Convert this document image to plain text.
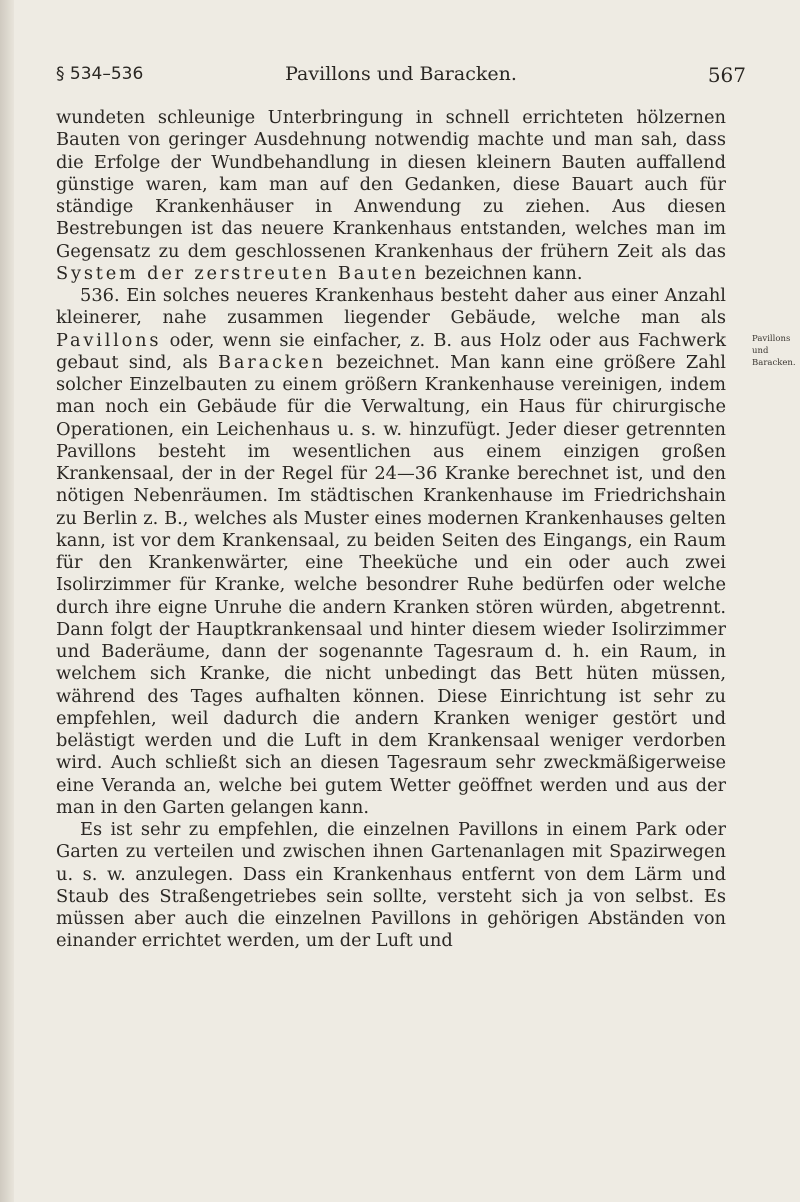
§ 534–536	Pavillons und Baracken.	567
Pavillons
und
Baracken.

wundeten schleunige Unterbringung in schnell errichteten hölzernen Bauten von geringer Ausdehnung notwendig machte und man sah, dass die Erfolge der Wundbehandlung in diesen kleinern Bauten auffallend günstige waren, kam man auf den Gedanken, diese Bauart auch für ständige Krankenhäuser in Anwendung zu ziehen. Aus diesen Bestrebungen ist das neuere Krankenhaus entstanden, welches man im Gegensatz zu dem geschlossenen Krankenhaus der frühern Zeit als das System der zerstreuten Bauten bezeichnen kann.

536. Ein solches neueres Krankenhaus besteht daher aus einer Anzahl kleinerer, nahe zusammen liegender Gebäude, welche man als Pavillons oder, wenn sie einfacher, z. B. aus Holz oder aus Fachwerk gebaut sind, als Baracken bezeichnet. Man kann eine größere Zahl solcher Einzelbauten zu einem größern Krankenhause vereinigen, indem man noch ein Gebäude für die Verwaltung, ein Haus für chirurgische Operationen, ein Leichenhaus u. s. w. hinzufügt. Jeder dieser getrennten Pavillons besteht im wesentlichen aus einem einzigen großen Krankensaal, der in der Regel für 24—36 Kranke berechnet ist, und den nötigen Nebenräumen. Im städtischen Krankenhause im Friedrichshain zu Berlin z. B., welches als Muster eines modernen Krankenhauses gelten kann, ist vor dem Krankensaal, zu beiden Seiten des Eingangs, ein Raum für den Krankenwärter, eine Theeküche und ein oder auch zwei Isolirzimmer für Kranke, welche besondrer Ruhe bedürfen oder welche durch ihre eigne Unruhe die andern Kranken stören würden, abgetrennt. Dann folgt der Hauptkrankensaal und hinter diesem wieder Isolirzimmer und Baderäume, dann der sogenannte Tagesraum d. h. ein Raum, in welchem sich Kranke, die nicht unbedingt das Bett hüten müssen, während des Tages aufhalten können. Diese Einrichtung ist sehr zu empfehlen, weil dadurch die andern Kranken weniger gestört und belästigt werden und die Luft in dem Krankensaal weniger verdorben wird. Auch schließt sich an diesen Tagesraum sehr zweckmäßigerweise eine Veranda an, welche bei gutem Wetter geöffnet werden und aus der man in den Garten gelangen kann.

Es ist sehr zu empfehlen, die einzelnen Pavillons in einem Park oder Garten zu verteilen und zwischen ihnen Gartenanlagen mit Spazirwegen u. s. w. anzulegen. Dass ein Krankenhaus entfernt von dem Lärm und Staub des Straßengetriebes sein sollte, versteht sich ja von selbst. Es müssen aber auch die einzelnen Pavillons in gehörigen Abständen von einander errichtet werden, um der Luft und
